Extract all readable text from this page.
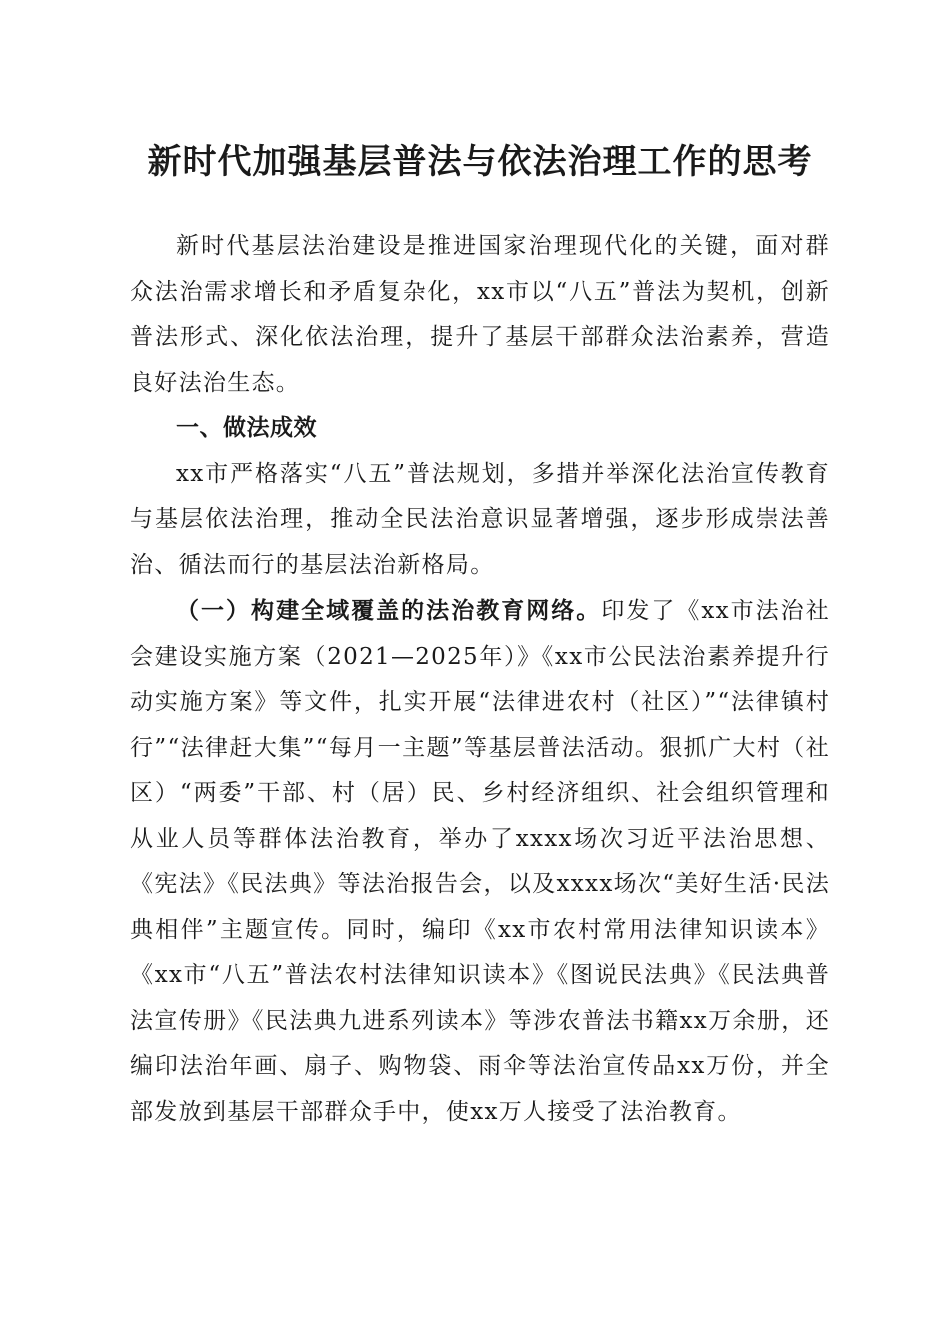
新时代加强基层普法与依法治理工作的思考

新时代基层法治建设是推进国家治理现代化的关键，面对群众法治需求增长和矛盾复杂化，xx市以“八五”普法为契机，创新普法形式、深化依法治理，提升了基层干部群众法治素养，营造良好法治生态。

一、做法成效

xx市严格落实“八五”普法规划，多措并举深化法治宣传教育与基层依法治理，推动全民法治意识显著增强，逐步形成崇法善治、循法而行的基层法治新格局。

（一）构建全域覆盖的法治教育网络。印发了《xx市法治社会建设实施方案（2021—2025年）》《xx市公民法治素养提升行动实施方案》等文件，扎实开展“法律进农村（社区）”“法律镇村行”“法律赶大集”“每月一主题”等基层普法活动。狠抓广大村（社区）“两委”干部、村（居）民、乡村经济组织、社会组织管理和从业人员等群体法治教育，举办了xxxx场次习近平法治思想、《宪法》《民法典》等法治报告会，以及xxxx场次“美好生活·民法典相伴”主题宣传。同时，编印《xx市农村常用法律知识读本》《xx市“八五”普法农村法律知识读本》《图说民法典》《民法典普法宣传册》《民法典九进系列读本》等涉农普法书籍xx万余册，还编印法治年画、扇子、购物袋、雨伞等法治宣传品xx万份，并全部发放到基层干部群众手中，使xx万人接受了法治教育。
